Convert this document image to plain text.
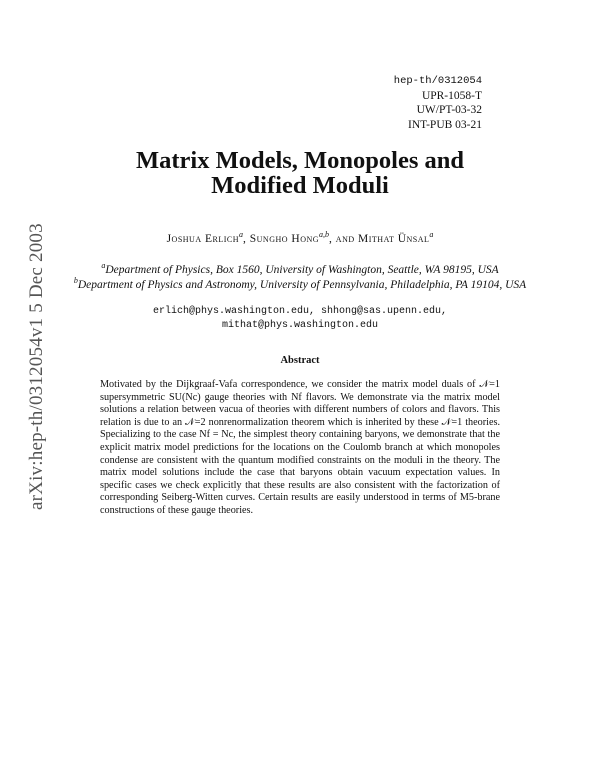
arXiv:hep-th/0312054v1 5 Dec 2003
hep-th/0312054
UPR-1058-T
UW/PT-03-32
INT-PUB 03-21
Matrix Models, Monopoles and
Modified Moduli
Joshua Erlich$^a$, Sungho Hong$^{a,b}$, and Mithat Ünsal$^a$
$^a$Department of Physics, Box 1560, University of Washington, Seattle, WA 98195, USA
$^b$Department of Physics and Astronomy, University of Pennsylvania, Philadelphia, PA 19104, USA
erlich@phys.washington.edu, shhong@sas.upenn.edu,
mithat@phys.washington.edu
Abstract
Motivated by the Dijkgraaf-Vafa correspondence, we consider the matrix model duals of 𝒩=1 supersymmetric SU(Nc) gauge theories with Nf flavors. We demonstrate via the matrix model solutions a relation between vacua of theories with different numbers of colors and flavors. This relation is due to an 𝒩=2 nonrenormalization theorem which is inherited by these 𝒩=1 theories. Specializing to the case Nf = Nc, the simplest theory containing baryons, we demonstrate that the explicit matrix model predictions for the locations on the Coulomb branch at which monopoles condense are consistent with the quantum modified constraints on the moduli in the theory. The matrix model solutions include the case that baryons obtain vacuum expectation values. In specific cases we check explicitly that these results are also consistent with the factorization of corresponding Seiberg-Witten curves. Certain results are easily understood in terms of M5-brane constructions of these gauge theories.
